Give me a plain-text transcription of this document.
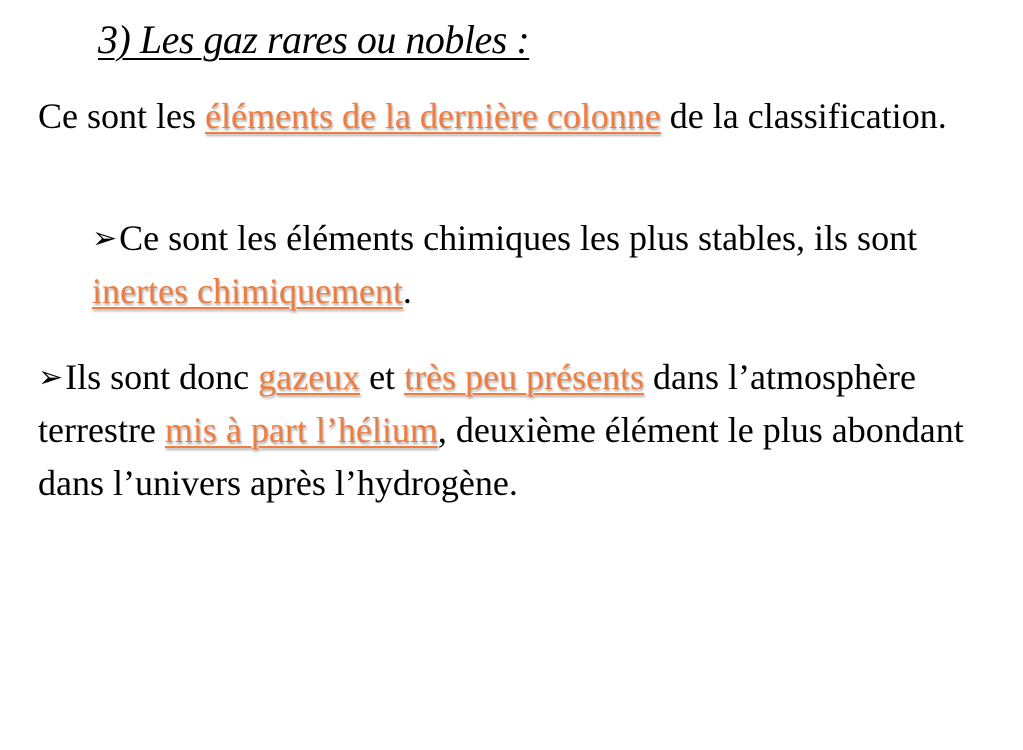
3) Les gaz rares ou nobles :

Ce sont les éléments de la dernière colonne de la classification.

➢Ce sont les éléments chimiques les plus stables, ils sont inertes chimiquement.

➢Ils sont donc gazeux et très peu présents dans l’atmosphère terrestre mis à part l’hélium, deuxième élément le plus abondant dans l’univers après l’hydrogène.
